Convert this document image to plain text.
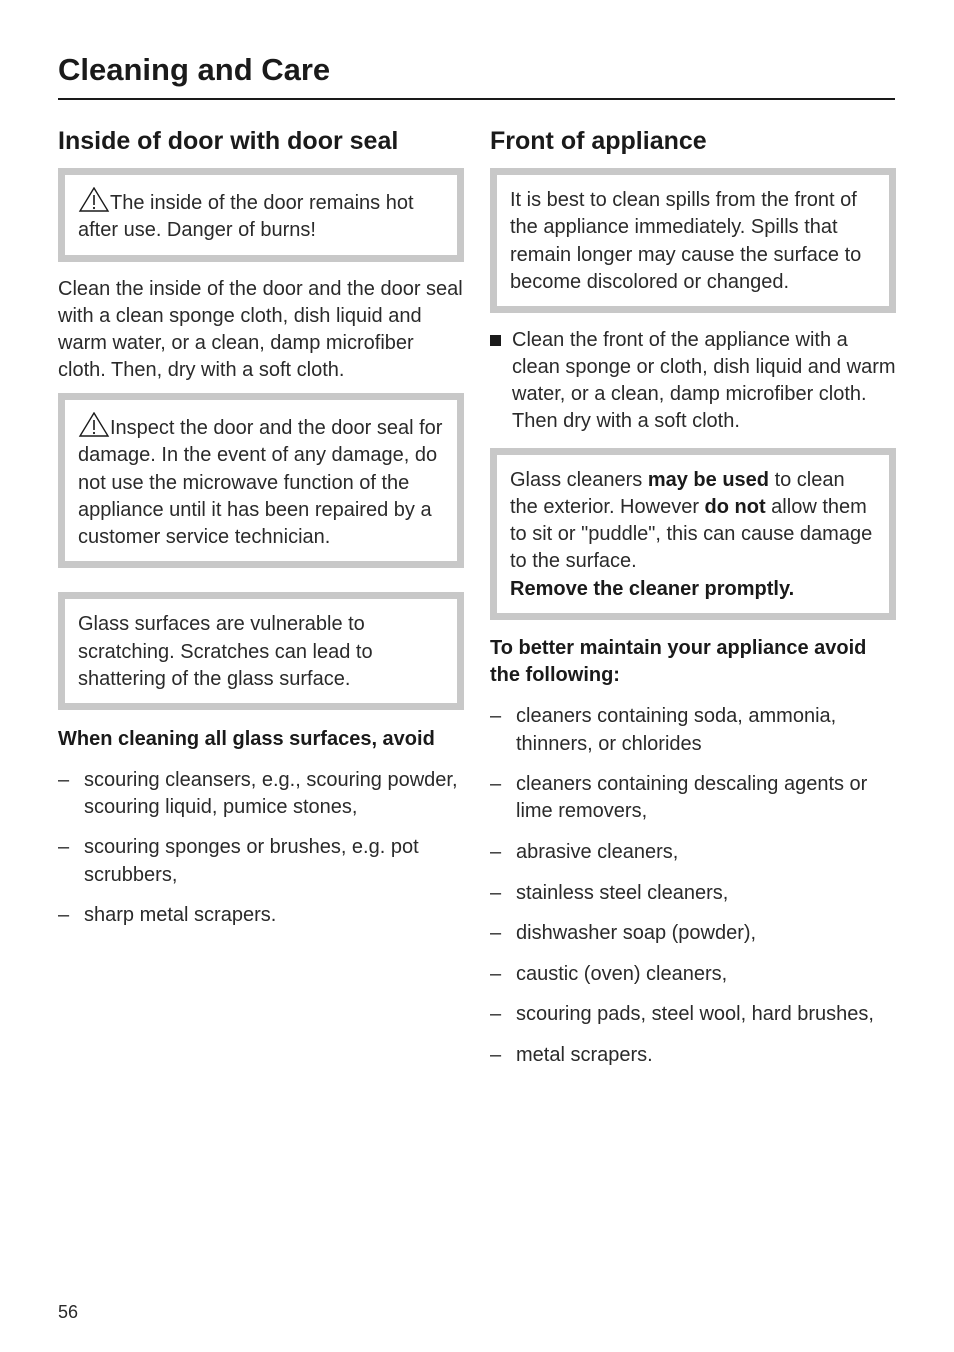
Cleaning and Care
Inside of door with door seal
The inside of the door remains hot after use. Danger of burns!

Clean the inside of the door and the door seal with a clean sponge cloth, dish liquid and warm water, or a clean, damp microfiber cloth. Then, dry with a soft cloth.

Inspect the door and the door seal for damage. In the event of any damage, do not use the microwave function of the appliance until it has been repaired by a customer service technician.
Glass surfaces are vulnerable to scratching. Scratches can lead to shattering of the glass surface.

When cleaning all glass surfaces, avoid

– scouring cleansers, e.g., scouring powder, scouring liquid, pumice stones,
– scouring sponges or brushes, e.g. pot scrubbers,
– sharp metal scrapers.
Front of appliance
It is best to clean spills from the front of the appliance immediately. Spills that remain longer may cause the surface to become discolored or changed.
Clean the front of the appliance with a clean sponge or cloth, dish liquid and warm water, or a clean, damp microfiber cloth. Then dry with a soft cloth.
Glass cleaners may be used to clean the exterior. However do not allow them to sit or "puddle", this can cause damage to the surface.
Remove the cleaner promptly.

To better maintain your appliance avoid the following:

– cleaners containing soda, ammonia, thinners, or chlorides
– cleaners containing descaling agents or lime removers,
– abrasive cleaners,
– stainless steel cleaners,
– dishwasher soap (powder),
– caustic (oven) cleaners,
– scouring pads, steel wool, hard brushes,
– metal scrapers.
56
